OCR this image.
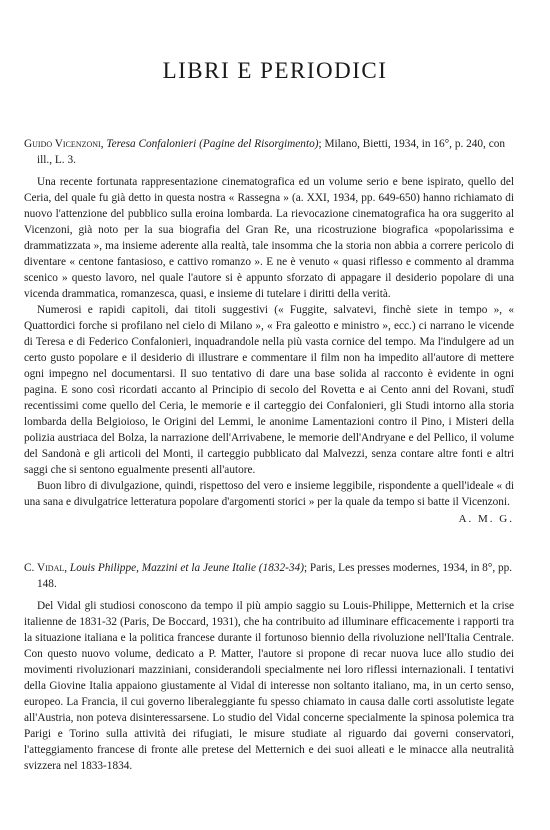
LIBRI E PERIODICI

Guido Vicenzoni, Teresa Confalonieri (Pagine del Risorgimento); Milano, Bietti, 1934, in 16°, p. 240, con ill., L. 3.

Una recente fortunata rappresentazione cinematografica ed un volume serio e bene ispirato, quello del Ceria, del quale fu già detto in questa nostra « Rassegna » (a. XXI, 1934, pp. 649-650) hanno richiamato di nuovo l'attenzione del pubblico sulla eroina lombarda. La rievocazione cinematografica ha ora suggerito al Vicenzoni, già noto per la sua biografia del Gran Re, una ricostruzione biografica «popolarissima e drammatizzata », ma insieme aderente alla realtà, tale insomma che la storia non abbia a correre pericolo di diventare « centone fantasioso, e cattivo romanzo ». E ne è venuto « quasi riflesso e commento al dramma scenico » questo lavoro, nel quale l'autore si è appunto sforzato di appagare il desiderio popolare di una vicenda drammatica, romanzesca, quasi, e insieme di tutelare i diritti della verità.

Numerosi e rapidi capitoli, dai titoli suggestivi (« Fuggite, salvatevi, finchè siete in tempo », « Quattordici forche si profilano nel cielo di Milano », « Fra galeotto e ministro », ecc.) ci narrano le vicende di Teresa e di Federico Confalonieri, inquadrandole nella più vasta cornice del tempo. Ma l'indulgere ad un certo gusto popolare e il desiderio di illustrare e commentare il film non ha impedito all'autore di mettere ogni impegno nel documentarsi. Il suo tentativo di dare una base solida al racconto è evidente in ogni pagina. E sono così ricordati accanto al Principio di secolo del Rovetta e ai Cento anni del Rovani, studî recentissimi come quello del Ceria, le memorie e il carteggio dei Confalonieri, gli Studi intorno alla storia lombarda della Belgioioso, le Origini del Lemmi, le anonime Lamentazioni contro il Pino, i Misteri della polizia austriaca del Bolza, la narrazione dell'Arrivabene, le memorie dell'Andryane e del Pellico, il volume del Sandonà e gli articoli del Monti, il carteggio pubblicato dal Malvezzi, senza contare altre fonti e altri saggi che si sentono egualmente presenti all'autore.

Buon libro di divulgazione, quindi, rispettoso del vero e insieme leggibile, rispondente a quell'ideale « di una sana e divulgatrice letteratura popolare d'argomenti storici » per la quale da tempo si batte il Vicenzoni.

A. M. G.

C. Vidal, Louis Philippe, Mazzini et la Jeune Italie (1832-34); Paris, Les presses modernes, 1934, in 8°, pp. 148.

Del Vidal gli studiosi conoscono da tempo il più ampio saggio su Louis-Philippe, Metternich et la crise italienne de 1831-32 (Paris, De Boccard, 1931), che ha contribuito ad illuminare efficacemente i rapporti tra la situazione italiana e la politica francese durante il fortunoso biennio della rivoluzione nell'Italia Centrale. Con questo nuovo volume, dedicato a P. Matter, l'autore si propone di recar nuova luce allo studio dei movimenti rivoluzionari mazziniani, considerandoli specialmente nei loro riflessi internazionali. I tentativi della Giovine Italia appaiono giustamente al Vidal di interesse non soltanto italiano, ma, in un certo senso, europeo. La Francia, il cui governo liberaleggiante fu spesso chiamato in causa dalle corti assolutiste legate all'Austria, non poteva disinteressarsene. Lo studio del Vidal concerne specialmente la spinosa polemica tra Parigi e Torino sulla attività dei rifugiati, le misure studiate al riguardo dai governi conservatori, l'atteggiamento francese di fronte alle pretese del Metternich e dei suoi alleati e le minacce alla neutralità svizzera nel 1833-1834.
